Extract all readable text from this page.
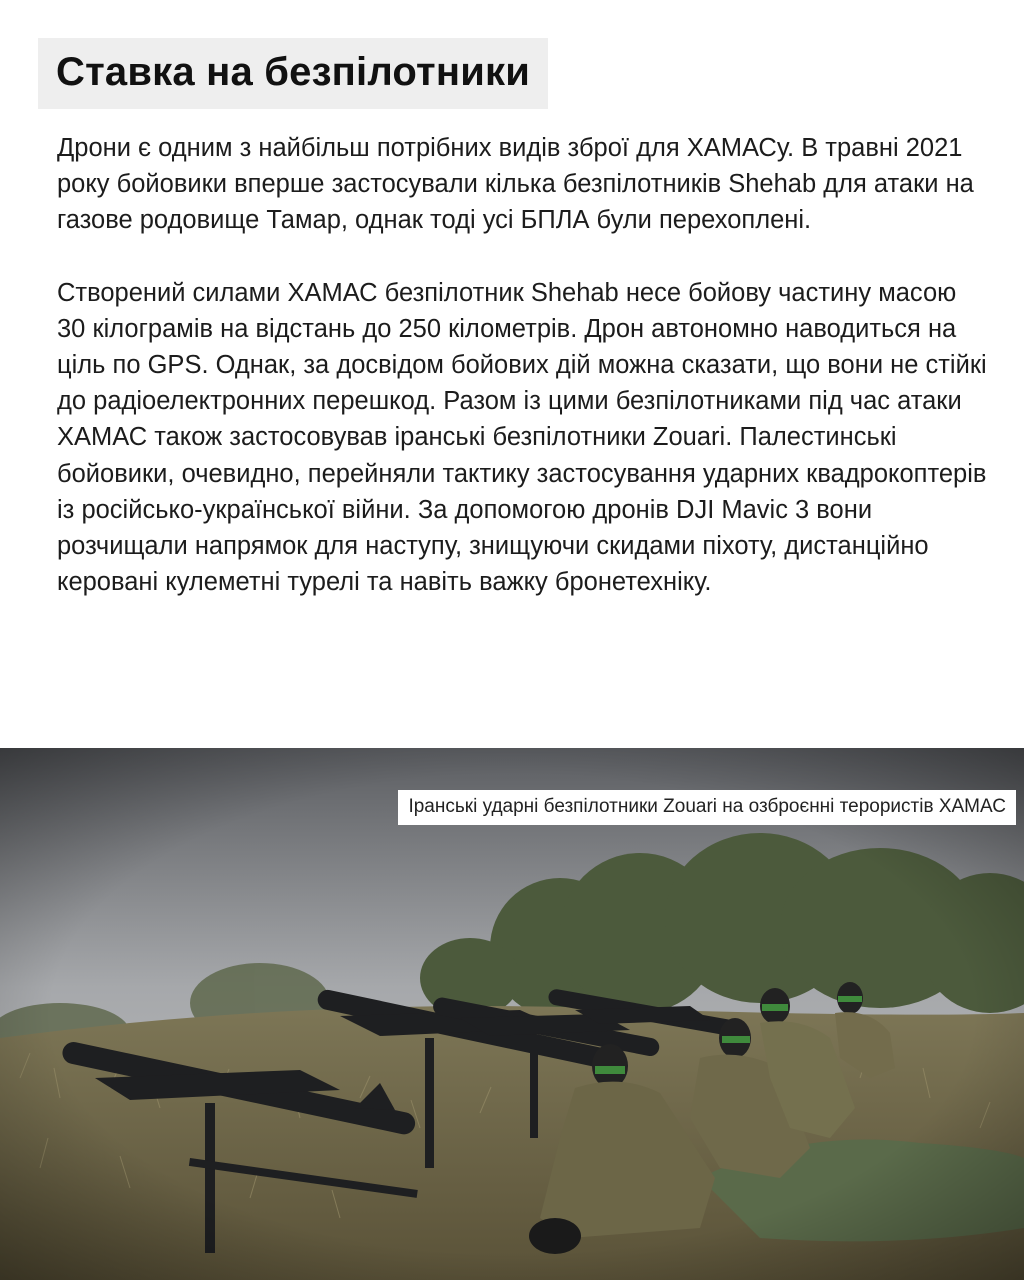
Ставка на безпілотники

Дрони є одним з найбільш потрібних видів зброї для ХАМАСу. В травні 2021 року бойовики вперше застосували кілька безпілотників Shehab для атаки на газове родовище Тамар, однак тоді усі БПЛА були перехоплені.

Створений силами ХАМАС безпілотник Shehab несе бойову частину масою 30 кілограмів на відстань до 250 кілометрів. Дрон автономно наводиться на ціль по GPS. Однак, за досвідом бойових дій можна сказати, що вони не стійкі до радіоелектронних перешкод. Разом із цими безпілотниками під час атаки ХАМАС також застосовував іранські безпілотники Zouari. Палестинські бойовики, очевидно, перейняли тактику застосування ударних квадрокоптерів із російсько-української війни. За допомогою дронів DJI Mavic 3 вони розчищали напрямок для наступу, знищуючи скидами піхоту, дистанційно керовані кулеметні турелі та навіть важку бронетехніку.

Іранські ударні безпілотники Zouari на озброєнні терористів ХАМАС
